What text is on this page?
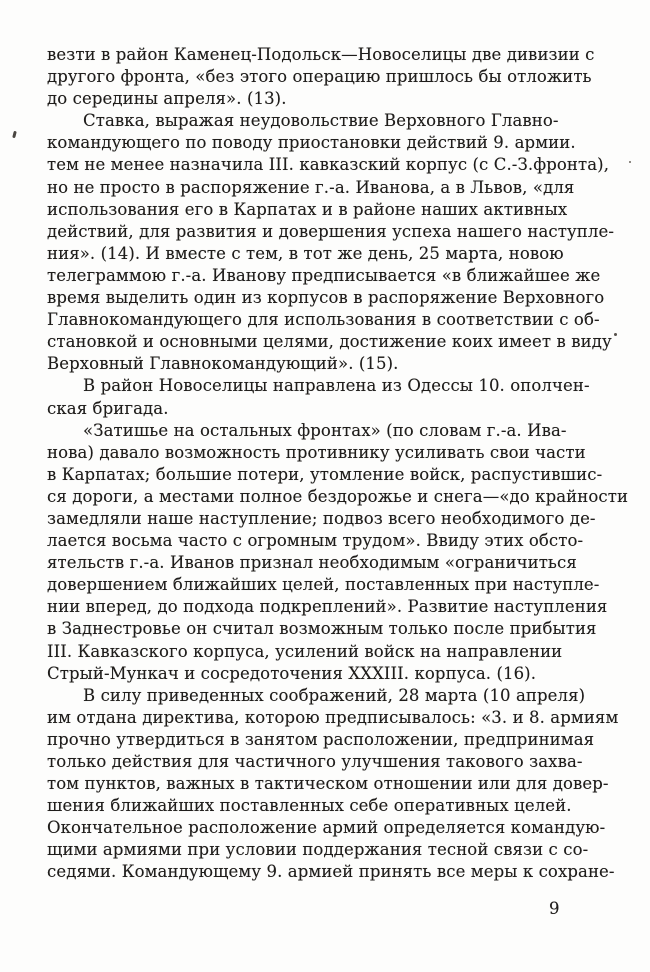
везти в район Каменец-Подольск—Новоселицы две дивизии с
другого фронта, «без этого операцию пришлось бы отложить
до середины апреля». (13).
Ставка, выражая неудовольствие Верховного Главно-
командующего по поводу приостановки действий 9. армии.
тем не менее назначила III. кавказский корпус (с С.-З.фронта),
но не просто в распоряжение г.-а. Иванова, а в Львов, «для
использования его в Карпатах и в районе наших активных
действий, для развития и довершения успеха нашего наступле-
ния». (14). И вместе с тем, в тот же день, 25 марта, новою
телеграммою г.-а. Иванову предписывается «в ближайшее же
время выделить один из корпусов в распоряжение Верховного
Главнокомандующего для использования в соответствии с об-
становкой и основными целями, достижение коих имеет в виду
Верховный Главнокомандующий». (15).
В район Новоселицы направлена из Одессы 10. ополчен-
ская бригада.
«Затишье на остальных фронтах» (по словам г.-а. Ива-
нова) давало возможность противнику усиливать свои части
в Карпатах; большие потери, утомление войск, распустившис-
ся дороги, а местами полное бездорожье и снега—«до крайности
замедляли наше наступление; подвоз всего необходимого де-
лается восьма часто с огромным трудом». Ввиду этих обсто-
ятельств г.-а. Иванов признал необходимым «ограничиться
довершением ближайших целей, поставленных при наступле-
нии вперед, до подхода подкреплений». Развитие наступления
в Заднестровье он считал возможным только после прибытия
III. Кавказского корпуса, усилений войск на направлении
Стрый-Мункач и сосредоточения XXXIII. корпуса. (16).
В силу приведенных соображений, 28 марта (10 апреля)
им отдана директива, которою предписывалось: «3. и 8. армиям
прочно утвердиться в занятом расположении, предпринимая
только действия для частичного улучшения такового захва-
том пунктов, важных в тактическом отношении или для довер-
шения ближайших поставленных себе оперативных целей.
Окончательное расположение армий определяется командую-
щими армиями при условии поддержания тесной связи с со-
седями. Командующему 9. армией принять все меры к сохране-
9
